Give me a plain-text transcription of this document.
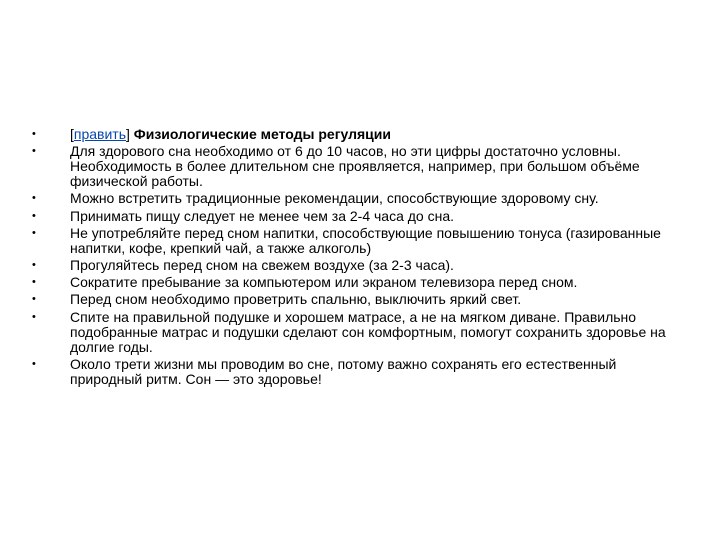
• [править] Физиологические методы регуляции
• Для здорового сна необходимо от 6 до 10 часов, но эти цифры достаточно условны. Необходимость в более длительном сне проявляется, например, при большом объёме физической работы.
• Можно встретить традиционные рекомендации, способствующие здоровому сну.
• Принимать пищу следует не менее чем за 2-4 часа до сна.
• Не употребляйте перед сном напитки, способствующие повышению тонуса (газированные напитки, кофе, крепкий чай, а также алкоголь)
• Прогуляйтесь перед сном на свежем воздухе (за 2-3 часа).
• Сократите пребывание за компьютером или экраном телевизора перед сном.
• Перед сном необходимо проветрить спальню, выключить яркий свет.
• Спите на правильной подушке и хорошем матрасе, а не на мягком диване. Правильно подобранные матрас и подушки сделают сон комфортным, помогут сохранить здоровье на долгие годы.
• Около трети жизни мы проводим во сне, потому важно сохранять его естественный природный ритм. Сон — это здоровье!
